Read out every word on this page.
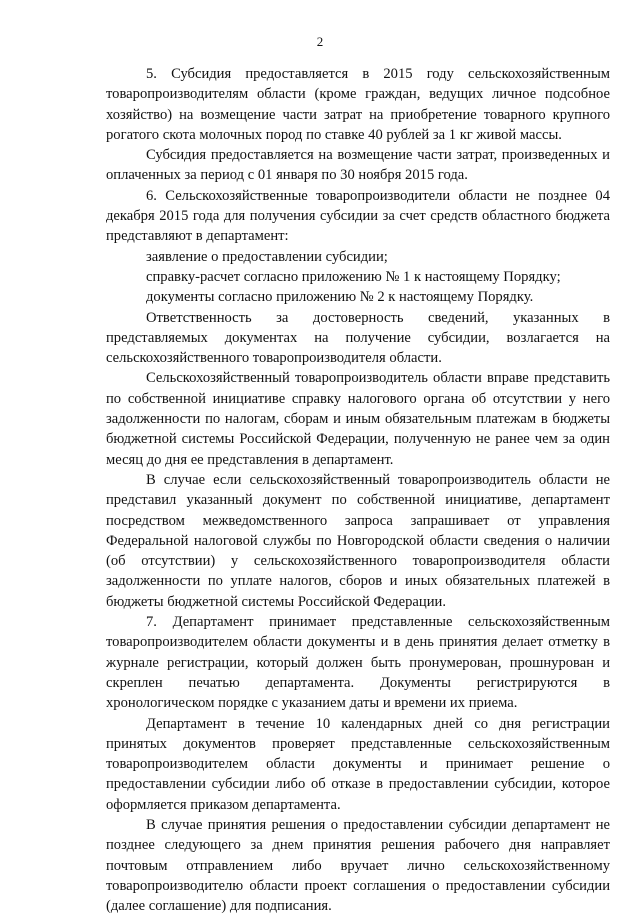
2

5. Субсидия предоставляется в 2015 году сельскохозяйственным товаропроизводителям области (кроме граждан, ведущих личное подсобное хозяйство) на возмещение части затрат на приобретение товарного крупного рогатого скота молочных пород по ставке 40 рублей за 1 кг живой массы.

Субсидия предоставляется на возмещение части затрат, произведенных и оплаченных за период с 01 января по 30 ноября 2015 года.

6. Сельскохозяйственные товаропроизводители области не позднее 04 декабря 2015 года для получения субсидии за счет средств областного бюджета представляют в департамент:

заявление о предоставлении субсидии;

справку-расчет согласно приложению № 1 к настоящему Порядку;

документы согласно приложению № 2 к настоящему Порядку.

Ответственность за достоверность сведений, указанных в представляемых документах на получение субсидии, возлагается на сельскохозяйственного товаропроизводителя области.

Сельскохозяйственный товаропроизводитель области вправе представить по собственной инициативе справку налогового органа об отсутствии у него задолженности по налогам, сборам и иным обязательным платежам в бюджеты бюджетной системы Российской Федерации, полученную не ранее чем за один месяц до дня ее представления в департамент.

В случае если сельскохозяйственный товаропроизводитель области не представил указанный документ по собственной инициативе, департамент посредством межведомственного запроса запрашивает от управления Федеральной налоговой службы по Новгородской области сведения о наличии (об отсутствии) у сельскохозяйственного товаропроизводителя области задолженности по уплате налогов, сборов и иных обязательных платежей в бюджеты бюджетной системы Российской Федерации.

7. Департамент принимает представленные сельскохозяйственным товаропроизводителем области документы и в день принятия делает отметку в журнале регистрации, который должен быть пронумерован, прошнурован и скреплен печатью департамента. Документы регистрируются в хронологическом порядке с указанием даты и времени их приема.

Департамент в течение 10 календарных дней со дня регистрации принятых документов проверяет представленные сельскохозяйственным товаропроизводителем области документы и принимает решение о предоставлении субсидии либо об отказе в предоставлении субсидии, которое оформляется приказом департамента.

В случае принятия решения о предоставлении субсидии департамент не позднее следующего за днем принятия решения рабочего дня направляет почтовым отправлением либо вручает лично сельскохозяйственному товаропроизводителю области проект соглашения о предоставлении субсидии (далее соглашение) для подписания.
